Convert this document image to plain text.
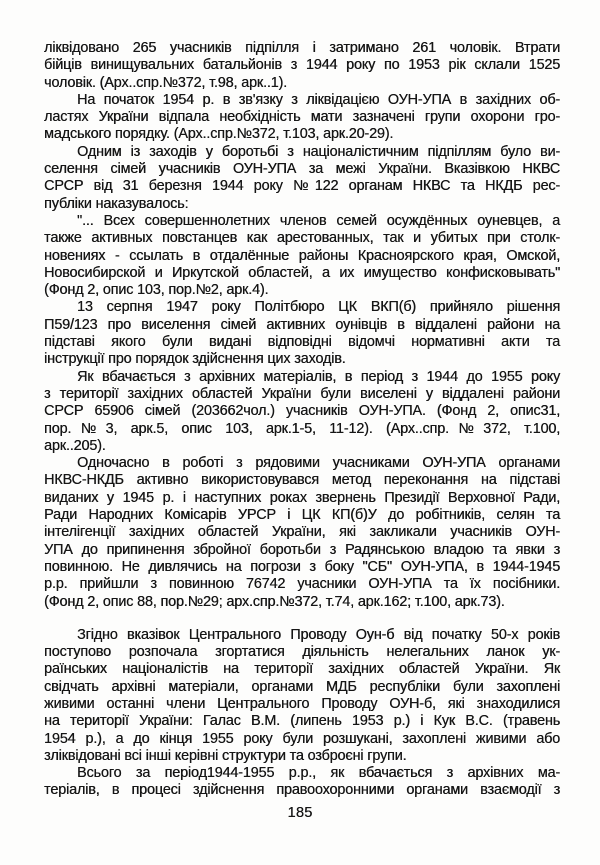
ліквідовано 265 учасників підпілля і затримано 261 чоловік. Втрати
бійців винищувальних батальйонів з 1944 року по 1953 рік склали 1525
чоловік. (Арх..спр.№372, т.98, арк..1).

На початок 1954 р. в зв'язку з ліквідацією ОУН-УПА в західних об-
ластях України відпала необхідність мати зазначені групи охорони гро-
мадського порядку. (Арх..спр.№372, т.103, арк.20-29).

Одним із заходів у боротьбі з націоналістичним підпіллям було ви-
селення сімей учасників ОУН-УПА за межі України. Вказівкою НКВС
СРСР від 31 березня 1944 року №122 органам НКВС та НКДБ рес-
публіки наказувалось:

"... Всех совершеннолетних членов семей осуждённых оуневцев, а
также активных повстанцев как арестованных, так и убитых при столк-
новениях - ссылать в отдалённые районы Красноярского края, Омской,
Новосибирской и Иркутской областей, а их имущество конфисковывать"
(Фонд 2, опис 103, пор.№2, арк.4).

13 серпня 1947 року Політбюро ЦК ВКП(б) прийняло рішення
П59/123 про виселення сімей активних оунівців в віддалені райони на
підставі якого були видані відповідні відомчі нормативні акти та
інструкції про порядок здійснення цих заходів.

Як вбачається з архівних матеріалів, в період з 1944 до 1955 року
з території західних областей України були виселені у віддалені райони
СРСР 65906 сімей (203662чол.) учасників ОУН-УПА. (Фонд 2, опис31,
пор.№3, арк.5, опис 103, арк.1-5, 11-12). (Арх..спр.№372, т.100,
арк..205).

Одночасно в роботі з рядовими учасниками ОУН-УПА органами
НКВС-НКДБ активно використовувався метод переконання на підставі
виданих у 1945 р. і наступних роках звернень Президії Верховної Ради,
Ради Народних Комісарів УРСР і ЦК КП(б)У до робітників, селян та
інтелігенції західних областей України, які закликали учасників ОУН-
УПА до припинення збройної боротьби з Радянською владою та явки з
повинною. Не дивлячись на погрози з боку "СБ" ОУН-УПА, в 1944-1945
р.р. прийшли з повинною 76742 учасники ОУН-УПА та їх посібники.
(Фонд 2, опис 88, пор.№29; арх.спр.№372, т.74, арк.162; т.100, арк.73).

Згідно вказівок Центрального Проводу Оун-б від початку 50-х років
поступово розпочала згортатися діяльність нелегальних ланок ук-
раїнських націоналістів на території західних областей України. Як
свідчать архівні матеріали, органами МДБ республіки були захоплені
живими останні члени Центрального Проводу ОУН-б, які знаходилися
на території України: Галас В.М. (липень 1953 р.) і Кук В.С. (травень
1954 р.), а до кінця 1955 року були розшукані, захоплені живими або
зліквідовані всі інші керівні структури та озброєні групи.

Всього за період1944-1955 р.р., як вбачається з архівних ма-
теріалів, в процесі здійснення правоохоронними органами взаємодії з

185
